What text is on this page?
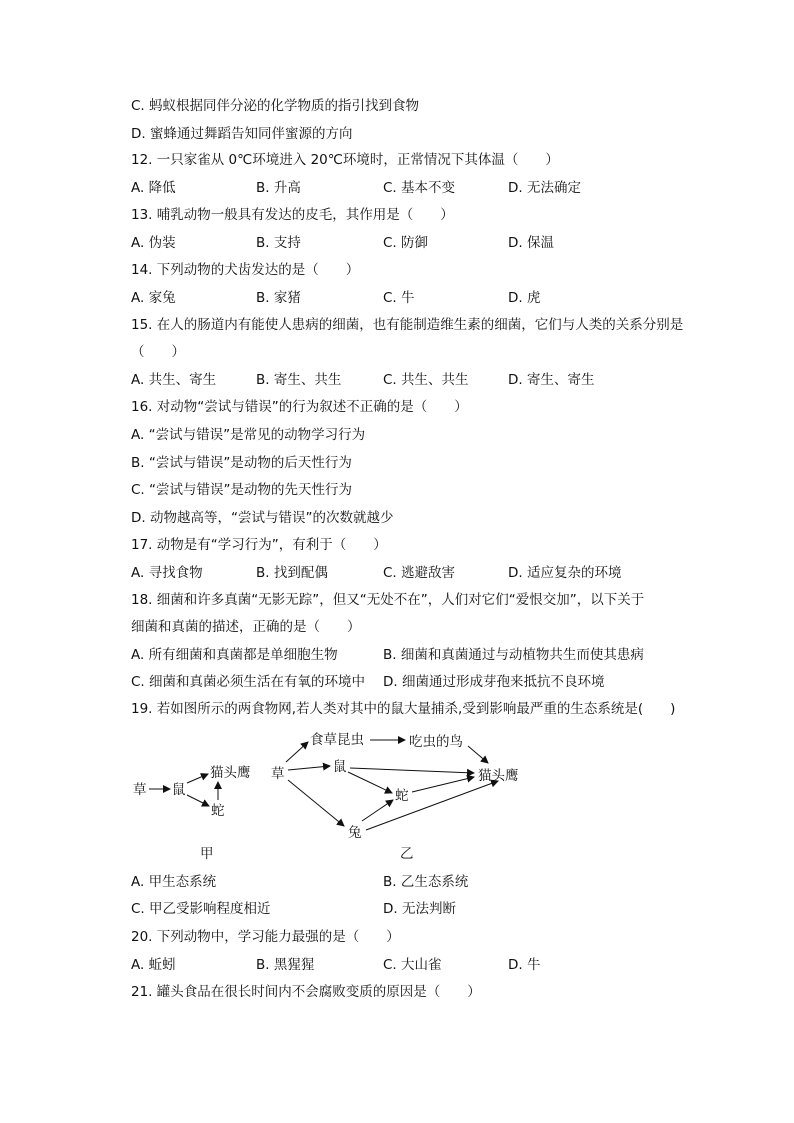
C. 蚂蚁根据同伴分泌的化学物质的指引找到食物
D. 蜜蜂通过舞蹈告知同伴蜜源的方向
12. 一只家雀从 0℃环境进入 20℃环境时，正常情况下其体温（　　）
A. 降低	B. 升高	C. 基本不变	D. 无法确定
13. 哺乳动物一般具有发达的皮毛，其作用是（　　）
A. 伪装	B. 支持	C. 防御	D. 保温
14. 下列动物的犬齿发达的是（　　）
A. 家兔	B. 家猪	C. 牛	D. 虎
15. 在人的肠道内有能使人患病的细菌，也有能制造维生素的细菌，它们与人类的关系分别是
（　　）
A. 共生、寄生	B. 寄生、共生	C. 共生、共生	D. 寄生、寄生
16. 对动物“尝试与错误”的行为叙述不正确的是（　　）
A. “尝试与错误”是常见的动物学习行为
B. “尝试与错误”是动物的后天性行为
C. “尝试与错误”是动物的先天性行为
D. 动物越高等，“尝试与错误”的次数就越少
17. 动物是有“学习行为”，有利于（　　）
A. 寻找食物	B. 找到配偶	C. 逃避敌害	D. 适应复杂的环境
18. 细菌和许多真菌“无影无踪”，但又“无处不在”，人们对它们“爱恨交加”，以下关于
细菌和真菌的描述，正确的是（　　）
A. 所有细菌和真菌都是单细胞生物	B. 细菌和真菌通过与动植物共生而使其患病
C. 细菌和真菌必须生活在有氧的环境中 D. 细菌通过形成芽孢来抵抗不良环境
19. 若如图所示的两食物网,若人类对其中的鼠大量捕杀,受到影响最严重的生态系统是(　　)
草 鼠
猫头鹰
蛇
甲
草
食草昆虫	吃虫的鸟
鼠
猫头鹰
蛇
兔
乙
A. 甲生态系统	B. 乙生态系统
C. 甲乙受影响程度相近	D. 无法判断
20. 下列动物中，学习能力最强的是（　　）
A. 蚯蚓	B. 黑猩猩	C. 大山雀	D. 牛
21. 罐头食品在很长时间内不会腐败变质的原因是（　　）
